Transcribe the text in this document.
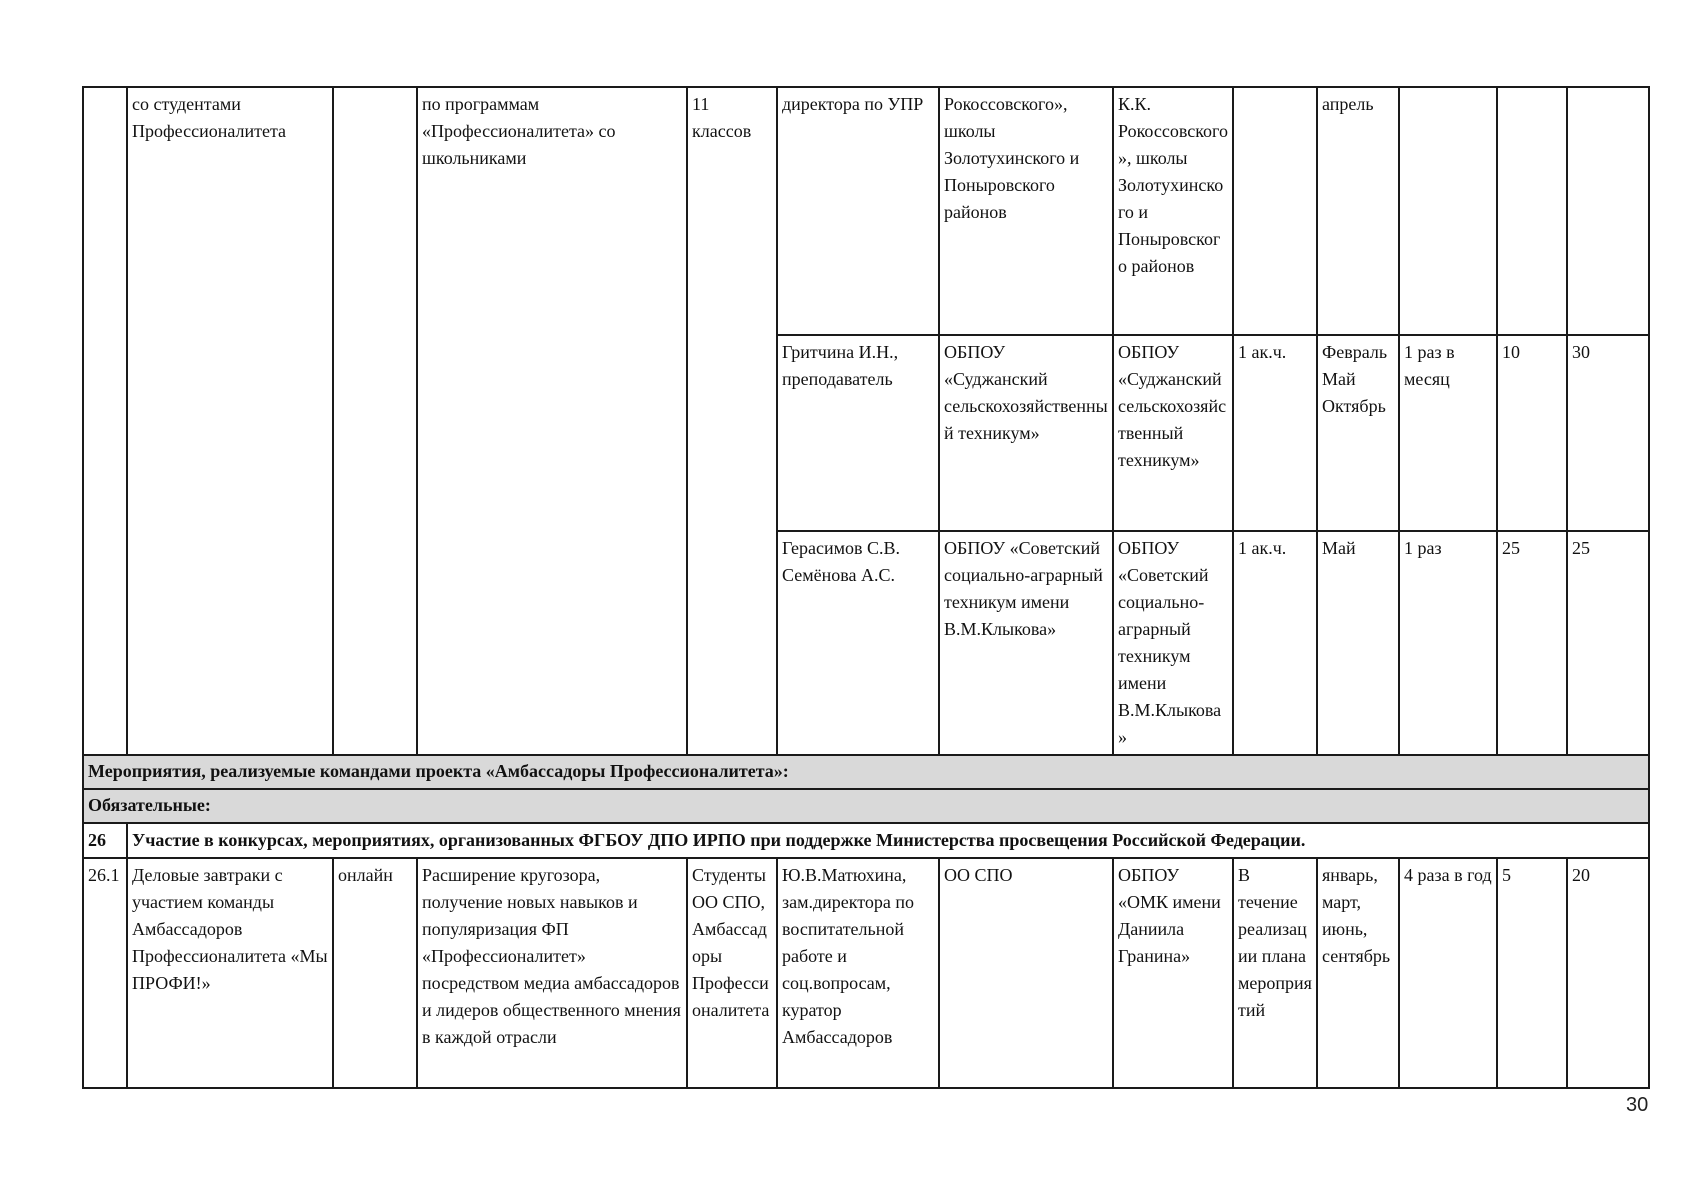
	со студентами Профессионалитета		по программам «Профессионалитета» со школьниками	11 классов	директора по УПР	Рокоссовского», школы Золотухинского и Поныровского районов	К.К. Рокоссовского», школы Золотухинского и Поныровского районов		апрель			
					Гритчина И.Н., преподаватель	ОБПОУ «Суджанский сельскохозяйственный техникум»	ОБПОУ «Суджанский сельскохозяйственный техникум»	1 ак.ч.	Февраль Май Октябрь	1 раз в месяц	10	30
					Герасимов С.В. Семёнова А.С.	ОБПОУ «Советский социально-аграрный техникум имени В.М.Клыкова»	ОБПОУ «Советский социально-аграрный техникум имени В.М.Клыкова»	1 ак.ч.	Май	1 раз	25	25
Мероприятия, реализуемые командами проекта «Амбассадоры Профессионалитета»:												
Обязательные:												
26	Участие в конкурсах, мероприятиях, организованных ФГБОУ ДПО ИРПО при поддержке Министерства просвещения Российской Федерации.											
26.1	Деловые завтраки с участием команды Амбассадоров Профессионалитета «Мы ПРОФИ!»	онлайн	Расширение кругозора, получение новых навыков и популяризация ФП «Профессионалитет» посредством медиа амбассадоров и лидеров общественного мнения в каждой отрасли	Студенты ОО СПО, Амбассадоры Профессионалитета	Ю.В.Матюхина, зам.директора по воспитательной работе и соц.вопросам, куратор Амбассадоров	ОО СПО	ОБПОУ «ОМК имени Даниила Гранина»	В течение реализации плана мероприятий	январь, март, июнь, сентябрь	4 раза в год	5	20
30
